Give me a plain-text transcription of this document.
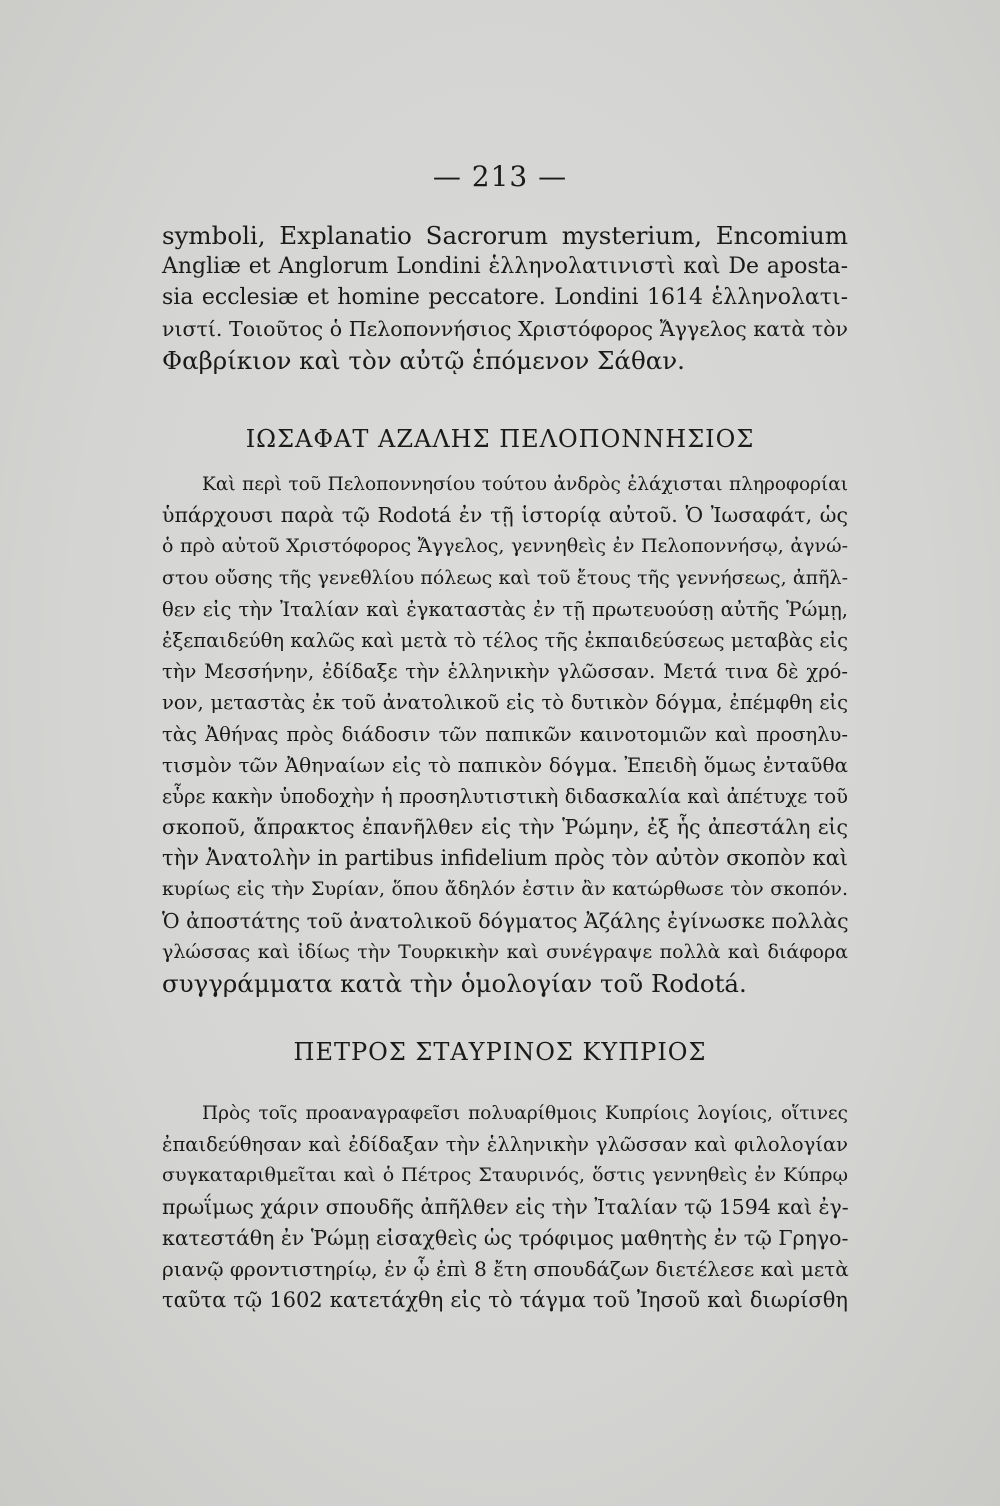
— 213 —
symboli, Explanatio Sacrorum mysterium, Encomium
Angliæ et Anglorum Londini ἑλληνολατινιστὶ καὶ De aposta-
sia ecclesiæ et homine peccatore. Londini 1614 ἑλληνολατι-
νιστί. Τοιοῦτος ὁ Πελοποννήσιος Χριστόφορος Ἄγγελος κατὰ τὸν
Φαβρίκιον καὶ τὸν αὐτῷ ἑπόμενον Σάθαν.
ΙΩΣΑΦΑΤ ΑΖΑΛΗΣ ΠΕΛΟΠΟΝΝΗΣΙΟΣ
Καὶ περὶ τοῦ Πελοποννησίου τούτου ἀνδρὸς ἐλάχισται πληροφορίαι
ὑπάρχουσι παρὰ τῷ Rodotá ἐν τῇ ἱστορίᾳ αὐτοῦ. Ὁ Ἰωσαφάτ, ὡς
ὁ πρὸ αὐτοῦ Χριστόφορος Ἄγγελος, γεννηθεὶς ἐν Πελοποννήσῳ, ἀγνώ-
στου οὔσης τῆς γενεθλίου πόλεως καὶ τοῦ ἔτους τῆς γεννήσεως, ἀπῆλ-
θεν εἰς τὴν Ἰταλίαν καὶ ἐγκαταστὰς ἐν τῇ πρωτευούσῃ αὐτῆς Ῥώμῃ,
ἐξεπαιδεύθη καλῶς καὶ μετὰ τὸ τέλος τῆς ἐκπαιδεύσεως μεταβὰς εἰς
τὴν Μεσσήνην, ἐδίδαξε τὴν ἑλληνικὴν γλῶσσαν. Μετά τινα δὲ χρό-
νον, μεταστὰς ἐκ τοῦ ἀνατολικοῦ εἰς τὸ δυτικὸν δόγμα, ἐπέμφθη εἰς
τὰς Ἀθήνας πρὸς διάδοσιν τῶν παπικῶν καινοτομιῶν καὶ προσηλυ-
τισμὸν τῶν Ἀθηναίων εἰς τὸ παπικὸν δόγμα. Ἐπειδὴ ὅμως ἐνταῦθα
εὗρε κακὴν ὑποδοχὴν ἡ προσηλυτιστικὴ διδασκαλία καὶ ἀπέτυχε τοῦ
σκοποῦ, ἄπρακτος ἐπανῆλθεν εἰς τὴν Ῥώμην, ἐξ ἧς ἀπεστάλη εἰς
τὴν Ἀνατολὴν in partibus infidelium πρὸς τὸν αὐτὸν σκοπὸν καὶ
κυρίως εἰς τὴν Συρίαν, ὅπου ἄδηλόν ἐστιν ἂν κατώρθωσε τὸν σκοπόν.
Ὁ ἀποστάτης τοῦ ἀνατολικοῦ δόγματος Ἀζάλης ἐγίνωσκε πολλὰς
γλώσσας καὶ ἰδίως τὴν Τουρκικὴν καὶ συνέγραψε πολλὰ καὶ διάφορα
συγγράμματα κατὰ τὴν ὁμολογίαν τοῦ Rodotá.
ΠΕΤΡΟΣ ΣΤΑΥΡΙΝΟΣ ΚΥΠΡΙΟΣ
Πρὸς τοῖς προαναγραφεῖσι πολυαρίθμοις Κυπρίοις λογίοις, οἵτινες
ἐπαιδεύθησαν καὶ ἐδίδαξαν τὴν ἑλληνικὴν γλῶσσαν καὶ φιλολογίαν
συγκαταριθμεῖται καὶ ὁ Πέτρος Σταυρινός, ὅστις γεννηθεὶς ἐν Κύπρῳ
πρωΐμως χάριν σπουδῆς ἀπῆλθεν εἰς τὴν Ἰταλίαν τῷ 1594 καὶ ἐγ-
κατεστάθη ἐν Ῥώμῃ εἰσαχθεὶς ὡς τρόφιμος μαθητὴς ἐν τῷ Γρηγο-
ριανῷ φροντιστηρίῳ, ἐν ᾧ ἐπὶ 8 ἔτη σπουδάζων διετέλεσε καὶ μετὰ
ταῦτα τῷ 1602 κατετάχθη εἰς τὸ τάγμα τοῦ Ἰησοῦ καὶ διωρίσθη
